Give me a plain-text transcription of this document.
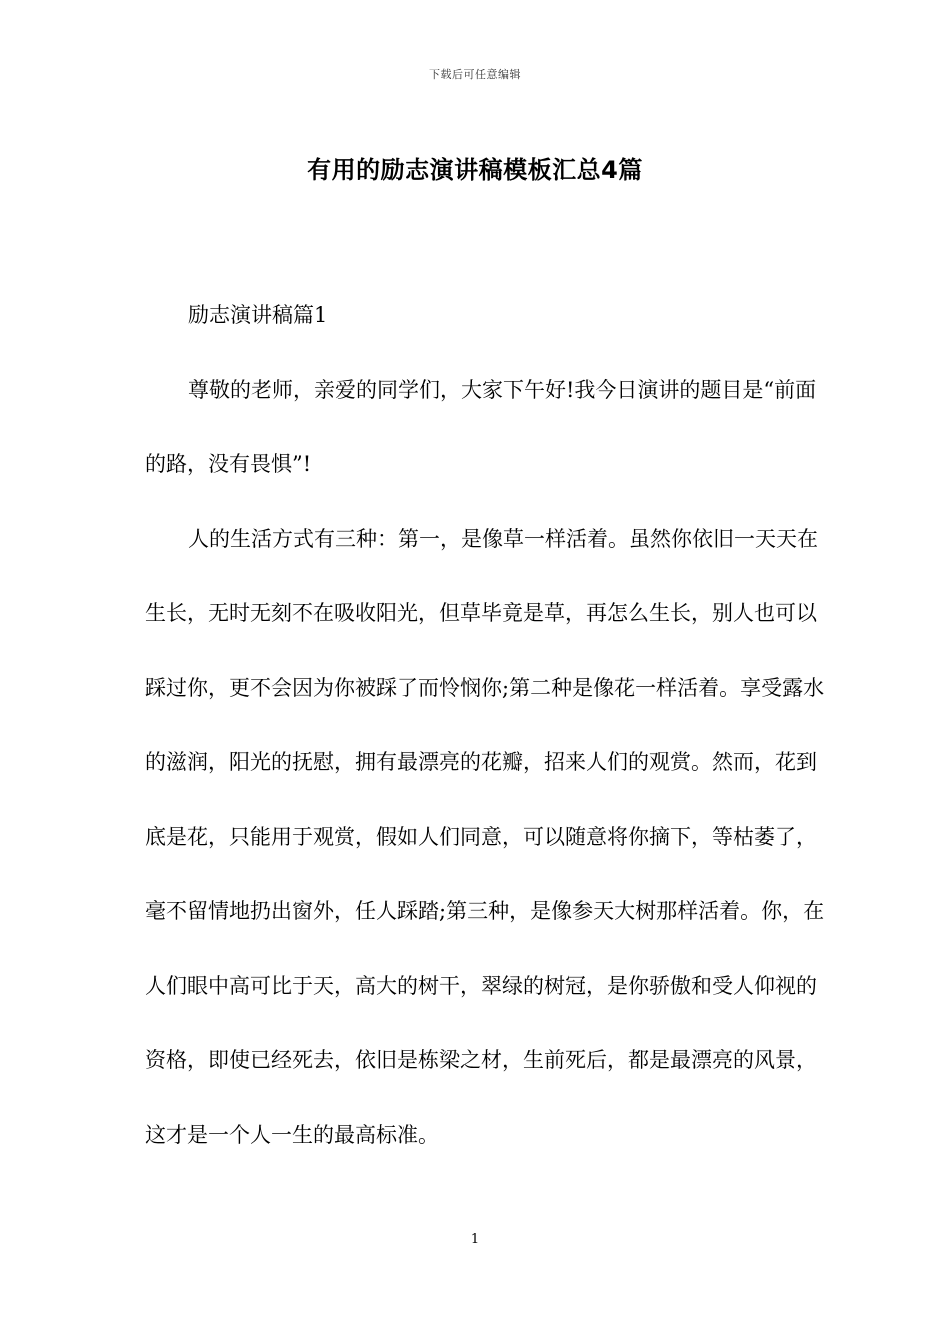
下载后可任意编辑
有用的励志演讲稿模板汇总4篇

励志演讲稿篇1

尊敬的老师，亲爱的同学们，大家下午好!我今日演讲的题目是“前面的路，没有畏惧”!

人的生活方式有三种：第一，是像草一样活着。虽然你依旧一天天在生长，无时无刻不在吸收阳光，但草毕竟是草，再怎么生长，别人也可以踩过你，更不会因为你被踩了而怜悯你;第二种是像花一样活着。享受露水的滋润，阳光的抚慰，拥有最漂亮的花瓣，招来人们的观赏。然而，花到底是花，只能用于观赏，假如人们同意，可以随意将你摘下，等枯萎了，毫不留情地扔出窗外，任人踩踏;第三种，是像参天大树那样活着。你，在人们眼中高可比于天，高大的树干，翠绿的树冠，是你骄傲和受人仰视的资格，即使已经死去，依旧是栋梁之材，生前死后，都是最漂亮的风景，这才是一个人一生的最高标准。

1
